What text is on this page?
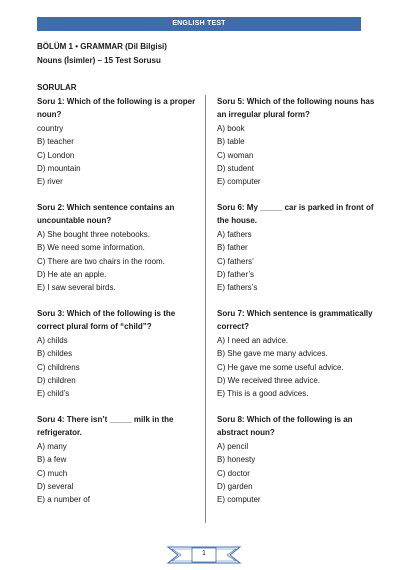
ENGLISH TEST
BÖLÜM 1 • GRAMMAR (Dil Bilgisi)
Nouns (İsimler) – 15 Test Sorusu
SORULAR
Soru 1: Which of the following is a proper noun?
country
B) teacher
C) London
D) mountain
E) river
Soru 2: Which sentence contains an uncountable noun?
A) She bought three notebooks.
B) We need some information.
C) There are two chairs in the room.
D) He ate an apple.
E) I saw several birds.
Soru 3: Which of the following is the correct plural form of “child”?
A) childs
B) childes
C) childrens
D) children
E) child’s
Soru 4: There isn’t _____ milk in the refrigerator.
A) many
B) a few
C) much
D) several
E) a number of
Soru 5: Which of the following nouns has an irregular plural form?
A) book
B) table
C) woman
D) student
E) computer
Soru 6: My _____ car is parked in front of the house.
A) fathers
B) father
C) fathers’
D) father’s
E) fathers’s
Soru 7: Which sentence is grammatically correct?
A) I need an advice.
B) She gave me many advices.
C) He gave me some useful advice.
D) We received three advice.
E) This is a good advices.
Soru 8: Which of the following is an abstract noun?
A) pencil
B) honesty
C) doctor
D) garden
E) computer
1
